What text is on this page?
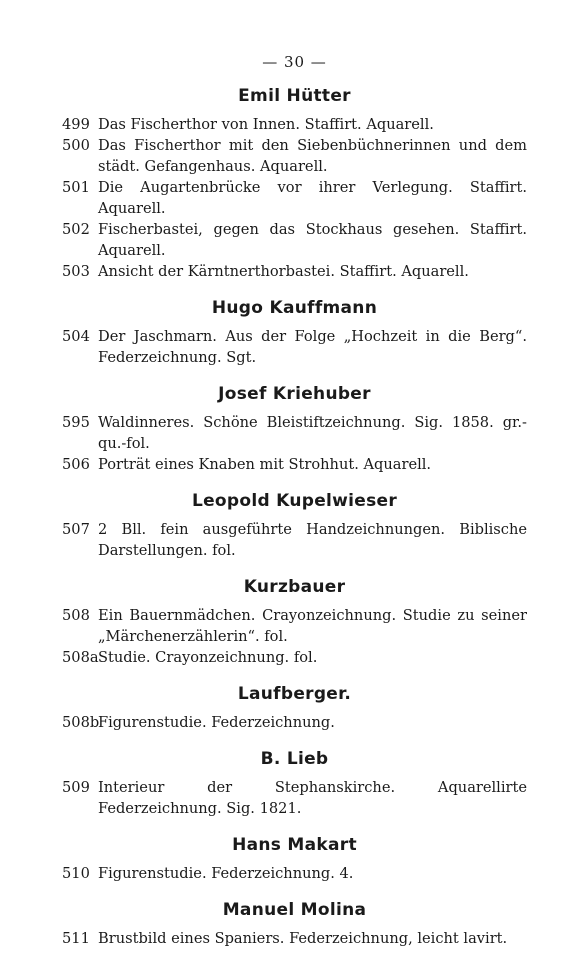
— 30 —
Emil Hütter
499 Das Fischerthor von Innen. Staffirt. Aquarell.
500 Das Fischerthor mit den Siebenbüchnerinnen und dem städt. Gefangenhaus. Aquarell.
501 Die Augartenbrücke vor ihrer Verlegung. Staffirt. Aquarell.
502 Fischerbastei, gegen das Stockhaus gesehen. Staffirt. Aquarell.
503 Ansicht der Kärntnerthorbastei. Staffirt. Aquarell.
Hugo Kauffmann
504 Der Jaschmarn. Aus der Folge „Hochzeit in die Berg“. Federzeichnung. Sgt.
Josef Kriehuber
595 Waldinneres. Schöne Bleistiftzeichnung. Sig. 1858. gr.-qu.-fol.
506 Porträt eines Knaben mit Strohhut. Aquarell.
Leopold Kupelwieser
507 2 Bll. fein ausgeführte Handzeichnungen. Biblische Darstellungen. fol.
Kurzbauer
508 Ein Bauernmädchen. Crayonzeichnung. Studie zu seiner „Märchenerzählerin“. fol.
508a Studie. Crayonzeichnung. fol.
Laufberger.
508b
Figurenstudie. Federzeichnung.
B. Lieb
509 Interieur der Stephanskirche. Aquarellirte Federzeichnung. Sig. 1821.
Hans Makart
510 Figurenstudie. Federzeichnung. 4.
Manuel Molina
511 Brustbild eines Spaniers. Federzeichnung, leicht lavirt.
